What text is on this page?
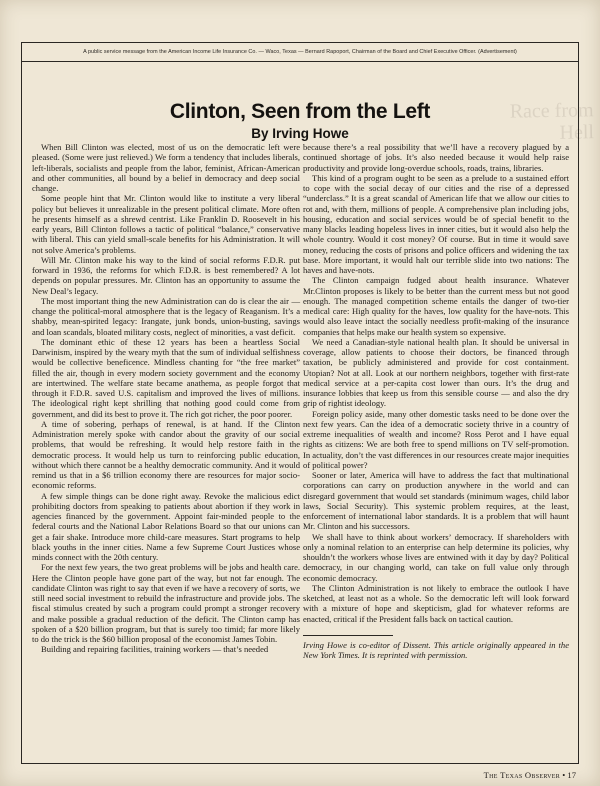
Race from Hell
A public service message from the American Income Life Insurance Co. — Waco, Texas — Bernard Rapoport, Chairman of the Board and Chief Executive Officer. (Advertisement)
Clinton, Seen from the Left
By Irving Howe

When Bill Clinton was elected, most of us on the democratic left were pleased. (Some were just relieved.) We form a tendency that includes liberals, left-liberals, socialists and people from the labor, feminist, African-American and other communities, all bound by a belief in democracy and deep social change.

Some people hint that Mr. Clinton would like to institute a very liberal policy but believes it unrealizable in the present political climate. More often he presents himself as a shrewd centrist. Like Franklin D. Roosevelt in his early years, Bill Clinton follows a tactic of political “balance,” conservative with liberal. This can yield small-scale benefits for his Administration. It will not solve America’s problems.

Will Mr. Clinton make his way to the kind of social reforms F.D.R. put forward in 1936, the reforms for which F.D.R. is best remembered? A lot depends on popular pressures. Mr. Clinton has an opportunity to assume the New Deal’s legacy.

The most important thing the new Administration can do is clear the air — change the political-moral atmosphere that is the legacy of Reaganism. It’s a shabby, mean-spirited legacy: Irangate, junk bonds, union-busting, savings and loan scandals, bloated military costs, neglect of minorities, a vast deficit.

The dominant ethic of these 12 years has been a heartless Social Darwinism, inspired by the weary myth that the sum of individual selfishness would be collective beneficence. Mindless chanting for “the free market” filled the air, though in every modern society government and the economy are intertwined. The welfare state became anathema, as people forgot that through it F.D.R. saved U.S. capitalism and improved the lives of millions. The ideological right kept shrilling that nothing good could come from government, and did its best to prove it. The rich got richer, the poor poorer.

A time of sobering, perhaps of renewal, is at hand. If the Clinton Administration merely spoke with candor about the gravity of our social problems, that would be refreshing. It would help restore faith in the democratic process. It would help us turn to reinforcing public education, without which there cannot be a healthy democratic community. And it would remind us that in a $6 trillion economy there are resources for major socio-economic reforms.

A few simple things can be done right away. Revoke the malicious edict prohibiting doctors from speaking to patients about abortion if they work in agencies financed by the government. Appoint fair-minded people to the federal courts and the National Labor Relations Board so that our unions can get a fair shake. Introduce more child-care measures. Start programs to help black youths in the inner cities. Name a few Supreme Court Justices whose minds connect with the 20th century.

For the next few years, the two great problems will be jobs and health care. Here the Clinton people have gone part of the way, but not far enough. The candidate Clinton was right to say that even if we have a recovery of sorts, we still need social investment to rebuild the infrastructure and provide jobs. The fiscal stimulus created by such a program could prompt a stronger recovery and make possible a gradual reduction of the deficit. The Clinton camp has spoken of a $20 billion program, but that is surely too timid; far more likely to do the trick is the $60 billion proposal of the economist James Tobin.

Building and repairing facilities, training workers — that’s needed

because there’s a real possibility that we’ll have a recovery plagued by a continued shortage of jobs. It’s also needed because it would help raise productivity and provide long-overdue schools, roads, trains, libraries.

This kind of a program ought to be seen as a prelude to a sustained effort to cope with the social decay of our cities and the rise of a depressed “underclass.” It is a great scandal of American life that we allow our cities to rot and, with them, millions of people. A comprehensive plan including jobs, housing, education and social services would be of special benefit to the many blacks leading hopeless lives in inner cities, but it would also help the whole country. Would it cost money? Of course. But in time it would save money, reducing the costs of prisons and police officers and widening the tax base. More important, it would halt our terrible slide into two nations: The haves and have-nots.

The Clinton campaign fudged about health insurance. Whatever Mr.Clinton proposes is likely to be better than the current mess but not good enough. The managed competition scheme entails the danger of two-tier medical care: High quality for the haves, low quality for the have-nots. This would also leave intact the socially needless profit-making of the insurance companies that helps make our health system so expensive.

We need a Canadian-style national health plan. It should be universal in coverage, allow patients to choose their doctors, be financed through taxation, be publicly administered and provide for cost containment. Utopian? Not at all. Look at our northern neighbors, together with first-rate medical service at a per-capita cost lower than ours. It’s the drug and insurance lobbies that keep us from this sensible course — and also the dry grip of rightist ideology.

Foreign policy aside, many other domestic tasks need to be done over the next few years. Can the idea of a democratic society thrive in a country of extreme inequalities of wealth and income? Ross Perot and I have equal rights as citizens: We are both free to spend millions on TV self-promotion. In actuality, don’t the vast differences in our resources create major inequities of political power?

Sooner or later, America will have to address the fact that multinational corporations can carry on production anywhere in the world and can disregard government that would set standards (minimum wages, child labor laws, Social Security). This systemic problem requires, at the least, enforcement of international labor standards. It is a problem that will haunt Mr. Clinton and his successors.

We shall have to think about workers’ democracy. If shareholders with only a nominal relation to an enterprise can help determine its policies, why shouldn’t the workers whose lives are entwined with it day by day? Political democracy, in our changing world, can take on full value only through economic democracy.

The Clinton Administration is not likely to embrace the outlook I have sketched, at least not as a whole. So the democratic left will look forward with a mixture of hope and skepticism, glad for whatever reforms are enacted, critical if the President falls back on tactical caution.

Irving Howe is co-editor of Dissent. This article originally appeared in the New York Times. It is reprinted with permission.

The Texas Observer • 17
